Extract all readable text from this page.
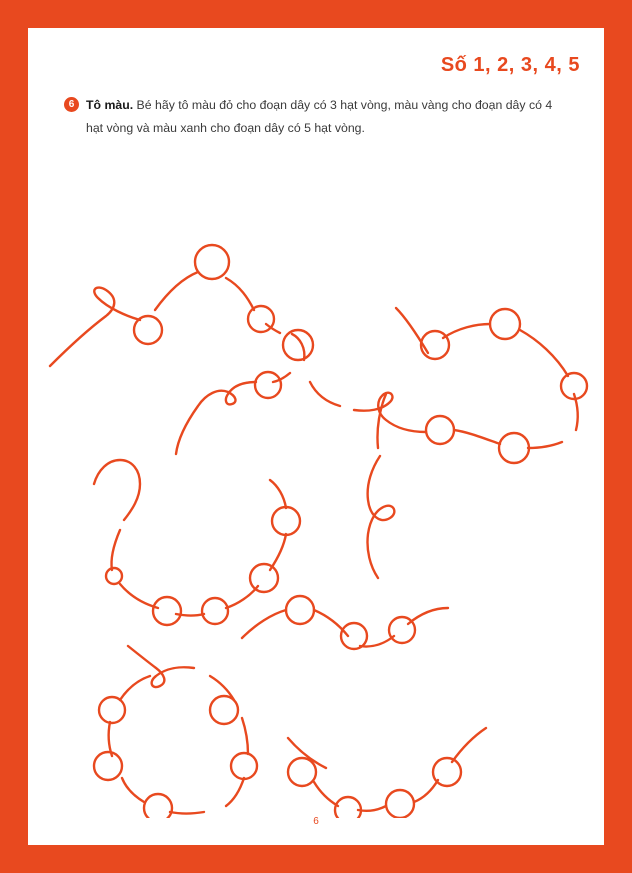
Số 1, 2, 3, 4, 5
6 Tô màu. Bé hãy tô màu đỏ cho đoạn dây có 3 hạt vòng, màu vàng cho đoạn dây có 4 hạt vòng và màu xanh cho đoạn dây có 5 hạt vòng.
6
